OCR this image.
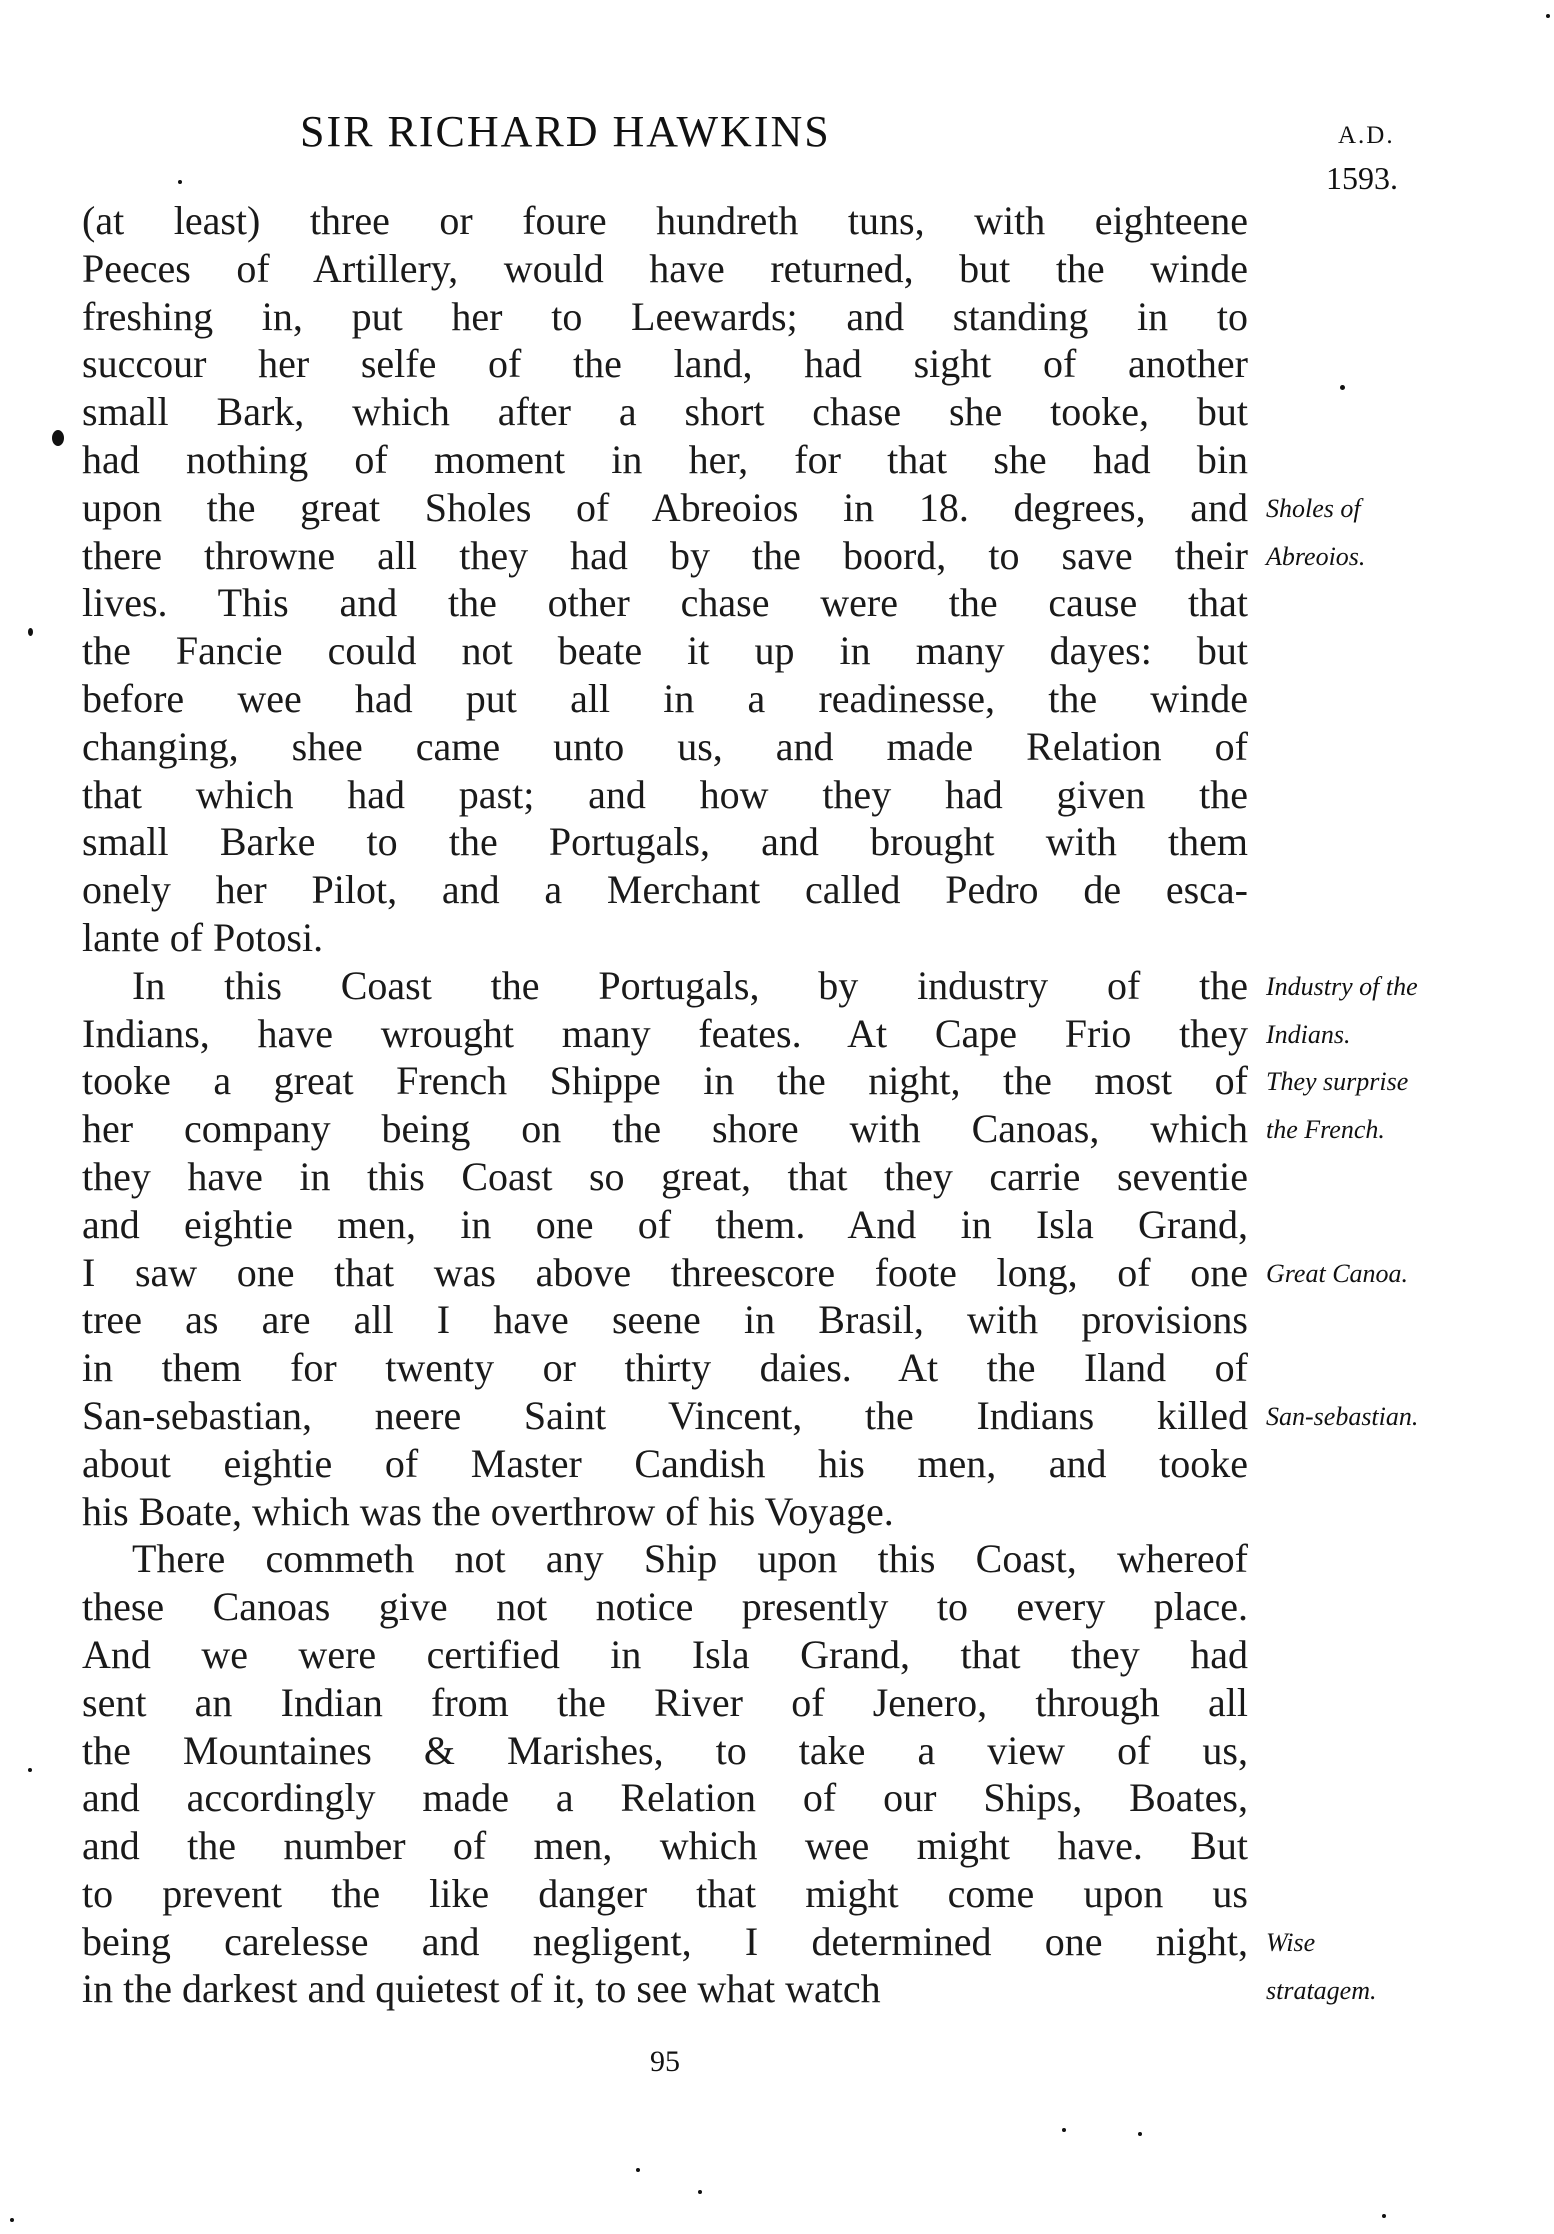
SIR RICHARD HAWKINS	A.D.
1593.
(at least) three or foure hundreth tuns, with eighteene
Peeces of Artillery, would have returned, but the winde
freshing in, put her to Leewards; and standing in to
succour her selfe of the land, had sight of another
small Bark, which after a short chase she tooke, but
had nothing of moment in her, for that she had bin
upon the great Sholes of Abreoios in 18. degrees, and
there throwne all they had by the boord, to save their
lives. This and the other chase were the cause that
the Fancie could not beate it up in many dayes: but
before wee had put all in a readinesse, the winde
changing, shee came unto us, and made Relation of
that which had past; and how they had given the
small Barke to the Portugals, and brought with them
onely her Pilot, and a Merchant called Pedro de esca-
lante of Potosi.
In this Coast the Portugals, by industry of the
Indians, have wrought many feates. At Cape Frio they
tooke a great French Shippe in the night, the most of
her company being on the shore with Canoas, which
they have in this Coast so great, that they carrie seventie
and eightie men, in one of them. And in Isla Grand,
I saw one that was above threescore foote long, of one
tree as are all I have seene in Brasil, with provisions
in them for twenty or thirty daies. At the Iland of
San-sebastian, neere Saint Vincent, the Indians killed
about eightie of Master Candish his men, and tooke
his Boate, which was the overthrow of his Voyage.
There commeth not any Ship upon this Coast, whereof
these Canoas give not notice presently to every place.
And we were certified in Isla Grand, that they had
sent an Indian from the River of Jenero, through all
the Mountaines & Marishes, to take a view of us,
and accordingly made a Relation of our Ships, Boates,
and the number of men, which wee might have. But
to prevent the like danger that might come upon us
being carelesse and negligent, I determined one night,
in the darkest and quietest of it, to see what watch
Sholes of
Abreoios.
Industry of the
Indians.
They surprise
the French.
Great Canoa.
San-sebastian.
Wise
stratagem.
95
